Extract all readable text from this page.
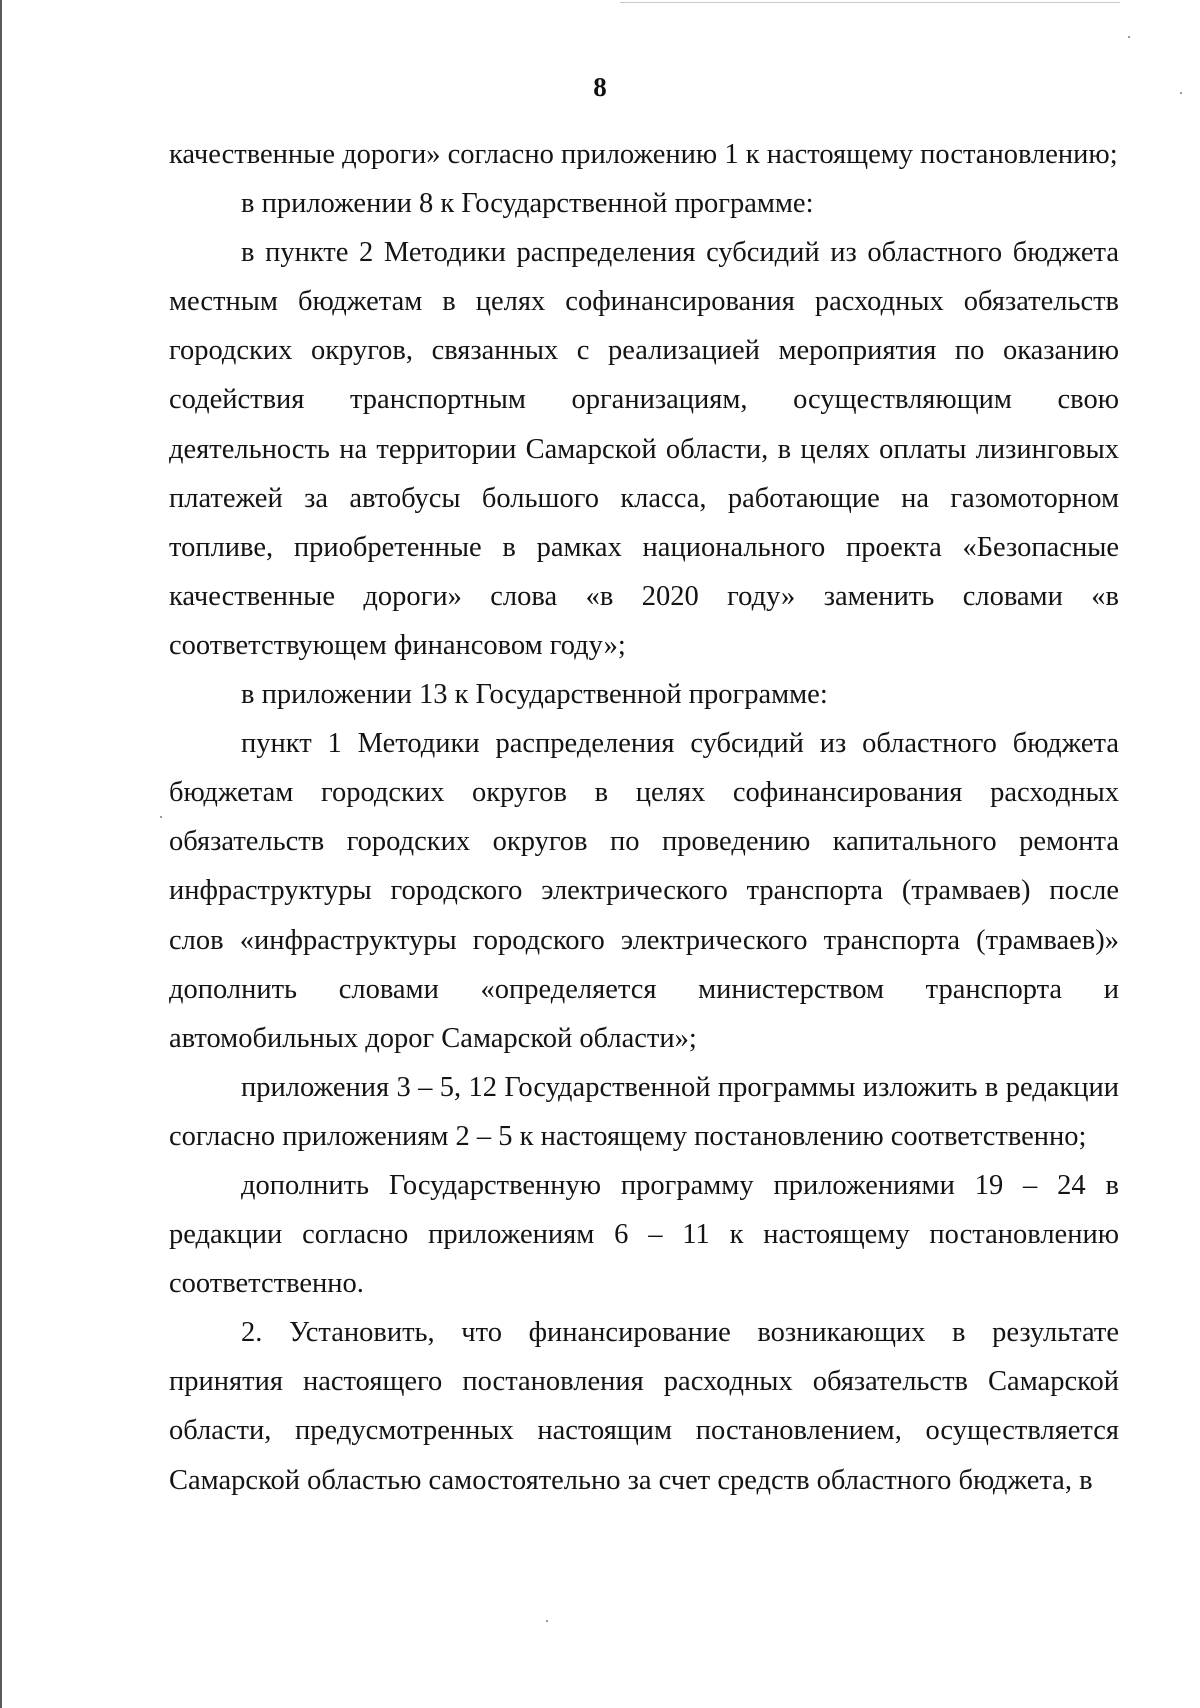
8

качественные дороги» согласно приложению 1 к настоящему постановлению;

в приложении 8 к Государственной программе:

в пункте 2 Методики распределения субсидий из областного бюджета местным бюджетам в целях софинансирования расходных обязательств городских округов, связанных с реализацией мероприятия по оказанию содействия транспортным организациям, осуществляющим свою деятельность на территории Самарской области, в целях оплаты лизинговых платежей за автобусы большого класса, работающие на газомоторном топливе, приобретенные в рамках национального проекта «Безопасные качественные дороги» слова «в 2020 году» заменить словами «в соответствующем финансовом году»;

в приложении 13 к Государственной программе:

пункт 1 Методики распределения субсидий из областного бюджета бюджетам городских округов в целях софинансирования расходных обязательств городских округов по проведению капитального ремонта инфраструктуры городского электрического транспорта (трамваев) после слов «инфраструктуры городского электрического транспорта (трамваев)» дополнить словами «определяется министерством транспорта и автомобильных дорог Самарской области»;

приложения 3 – 5, 12 Государственной программы изложить в редакции согласно приложениям 2 – 5 к настоящему постановлению соответственно;

дополнить Государственную программу приложениями 19 – 24 в редакции согласно приложениям 6 – 11 к настоящему постановлению соответственно.

2. Установить, что финансирование возникающих в результате принятия настоящего постановления расходных обязательств Самарской области, предусмотренных настоящим постановлением, осуществляется Самарской областью самостоятельно за счет средств областного бюджета, в
